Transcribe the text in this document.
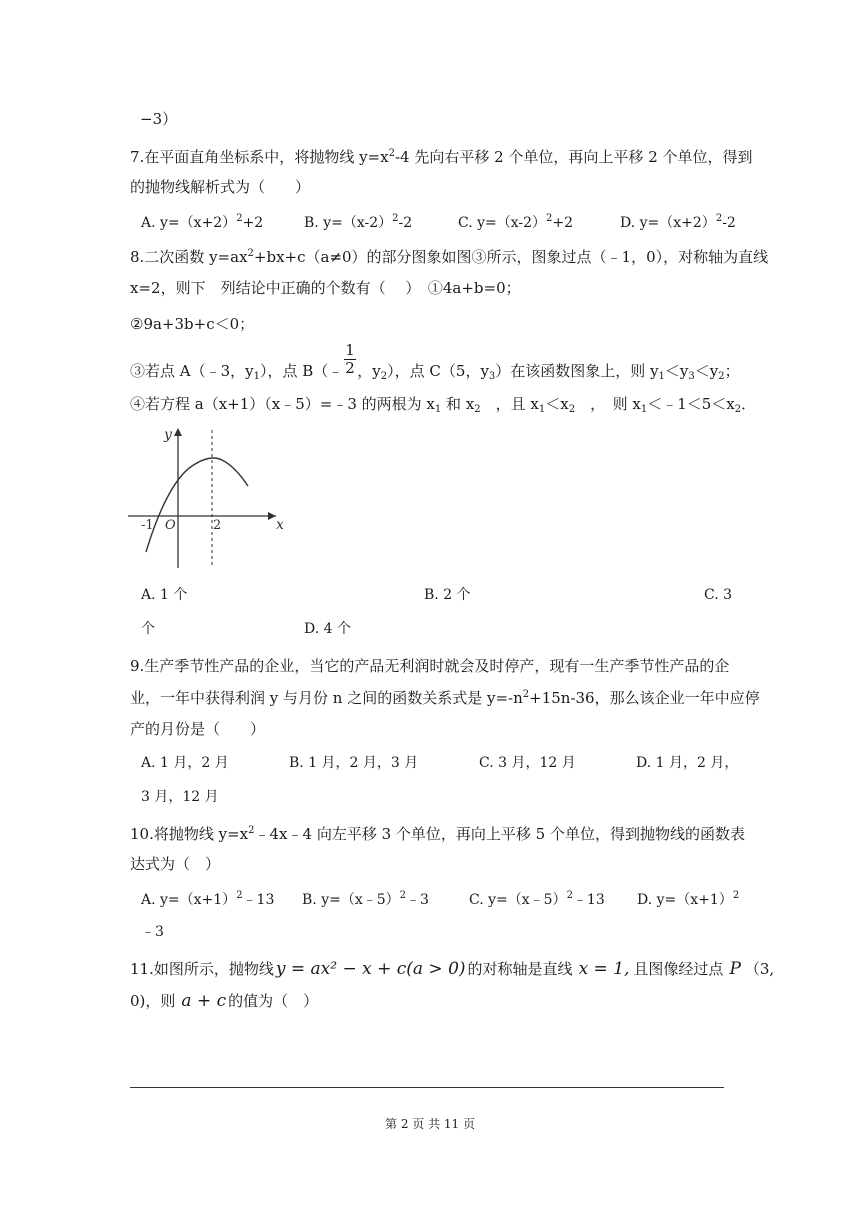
−3）
7.在平面直角坐标系中，将抛物线 $y=x^2-4$ 先向右平移 2 个单位，再向上平移 2 个单位，得到
的抛物线解析式为（　　）
A. $y=(x+2)^2+2$	B. $y=(x-2)^2-2$	C. $y=(x-2)^2+2$	D. $y=(x+2)^2-2$
8.二次函数 $y=ax^2+bx+c(a\ne 0)$的部分图象如图③所示，图象过点（﹣1，0），对称轴为直线
x=2，则下　列结论中正确的个数有（　 ）　①4a+b=0；
②9a+3b+c＜0；
③若点 A（﹣3，$y_1$），点 B（﹣ ，$y_2$），点 C（5，$y_3$）在该函数图象上，则 $y_1<y_3<y_2$；
1
2
④若方程 a（x+1）（x﹣5）=﹣3 的两根为 $x_1$ 和 $x_2$　，且 $x_1<x_2$　，　则 $x_1<﹣1<5<x_2$．
y
x
O
-1	2
A. 1 个	B. 2 个	C. 3
个	D. 4 个
9.生产季节性产品的企业，当它的产品无利润时就会及时停产，现有一生产季节性产品的企
业，一年中获得利润 y 与月份 n 之间的函数关系式是 $y=-n^2+15n-36$，那么该企业一年中应停
产的月份是（　　）
A. 1 月，2 月	B. 1 月，2 月，3 月	C. 3 月，12 月	D. 1 月，2 月，
3 月，12 月
10.将抛物线 $y=x^2﹣4x﹣4$ 向左平移 3 个单位，再向上平移 5 个单位，得到抛物线的函数表
达式为（　）
A. $y=(x+1)^2﹣13$ B. y=（x﹣5）$^2$﹣3	C. y=（x﹣5）$^2$﹣13 D. $y=(x+1)^2$
﹣3
11.如图所示，抛物线 y = ax² − x + c(a > 0) 的对称轴是直线 x = 1, 且图像经过点 P （3,
0)，则 a + c 的值为（　）
第 2 页 共 11 页
